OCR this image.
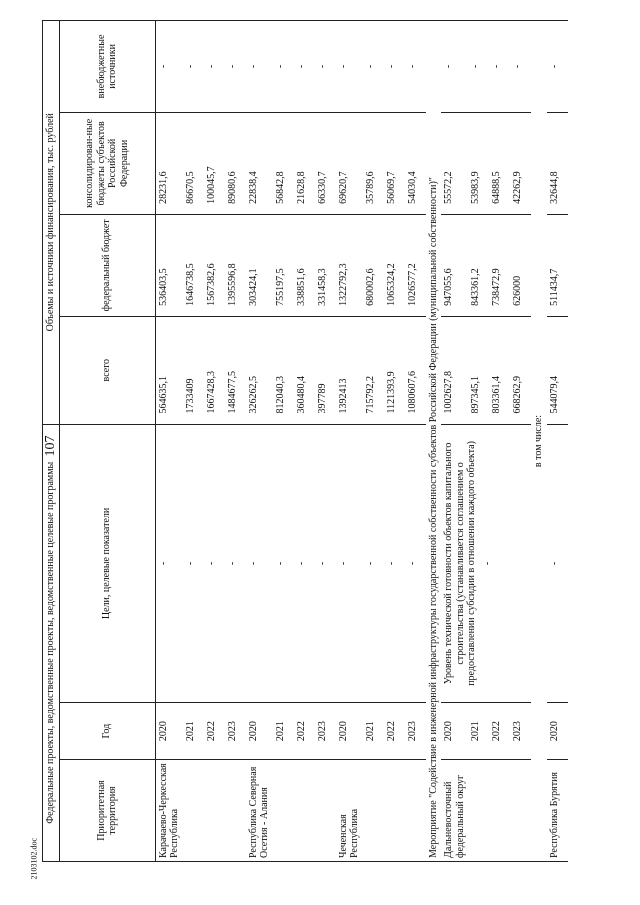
107
2103102.doc
Федеральные проекты, ведомственные проекты, ведомственные целевые программы			Объемы и источники финансирования, тыс. рублей			
Приоритетная территория	Год	Цели, целевые показатели	всего	федеральный бюджет	консолидирован-ные бюджеты субъектов Российской Федерации	внебюджетные источники
Карачаево-Черкесская Республика	2020	-	564635,1	536403,5	28231,6	-
	2021	-	1733409	1646738,5	86670,5	-
	2022	-	1667428,3	1567382,6	100045,7	-
	2023	-	1484677,5	1395596,8	89080,6	-
Республика Северная Осетия - Алания	2020	-	326262,5	303424,1	22838,4	-
	2021	-	812040,3	755197,5	56842,8	-
	2022	-	360480,4	338851,6	21628,8	-
	2023	-	397789	331458,3	66330,7	-
Чеченская Республика	2020	-	1392413	1322792,3	69620,7	-
	2021	-	715792,2	680002,6	35789,6	-
	2022	-	1121393,9	1065324,2	56069,7	-
	2023	-	1080607,6	1026577,2	54030,4	-
Мероприятие "Содействие в инженерной инфраструктуры государственной собственности субъектов Российской Федерации (муниципальной собственности)"						
Дальневосточный федеральный округ	2020	Уровень технической готовности объектов капитального строительства (устанавливается соглашением о предоставлении субсидии в отношении каждого объекта) -	1002627,8	947055,6	55572,2	-
	2021		897345,1	843361,2	53983,9	-
	2022		803361,4	738472,9	64888,5	-
	2023		668262,9	626000	42262,9	-
в том числе:						
Республика Бурятия	2020	-	544079,4	511434,7	32644,8	-
